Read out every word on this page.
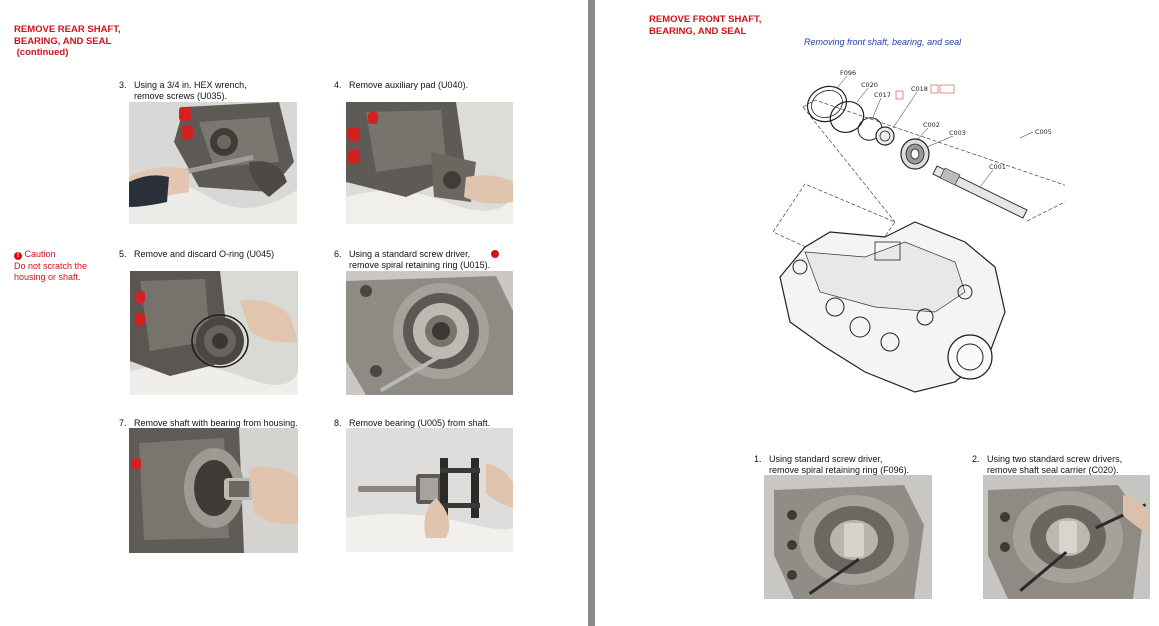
REMOVE REAR SHAFT,
BEARING, AND SEAL
(continued)
! Caution
Do not scratch the
housing or shaft.

3. Using a 3/4 in. HEX wrench,
remove screws (U035).

4. Remove auxiliary pad (U040).

5. Remove and discard O-ring (U045)	6. Using a standard screw driver,
remove spiral retaining ring (U015).

7. Remove shaft with bearing from housing.	8. Remove bearing (U005) from shaft.

REMOVE FRONT SHAFT,
BEARING, AND SEAL
Removing front shaft, bearing, and seal
F096
C020
C017
C018
C002
C003	C005
C001

1. Using standard screw driver,
remove spiral retaining ring (F096).

2. Using two standard screw drivers,
remove shaft seal carrier (C020).
